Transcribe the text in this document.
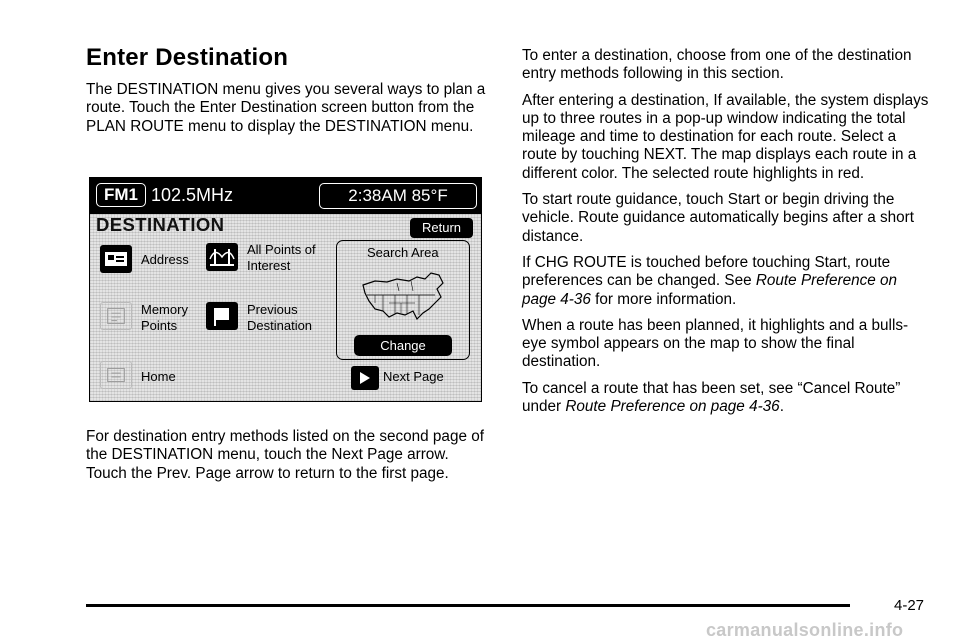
Enter Destination

The DESTINATION menu gives you several ways to plan a route. Touch the Enter Destination screen button from the PLAN ROUTE menu to display the DESTINATION menu.

FM1 102.5MHz	2:38AM 85°F
DESTINATION	Return
Address
All Points of
Interest
Memory
Points
Previous
Destination
Home
Search Area
Change
Next Page
For destination entry methods listed on the second page of the DESTINATION menu, touch the Next Page arrow. Touch the Prev. Page arrow to return to the first page.

To enter a destination, choose from one of the destination entry methods following in this section.

After entering a destination, If available, the system displays up to three routes in a pop-up window indicating the total mileage and time to destination for each route. Select a route by touching NEXT. The map displays each route in a different color. The selected route highlights in red.

To start route guidance, touch Start or begin driving the vehicle. Route guidance automatically begins after a short distance.

If CHG ROUTE is touched before touching Start, route preferences can be changed. See Route Preference on page 4-36 for more information.

When a route has been planned, it highlights and a bulls-eye symbol appears on the map to show the final destination.

To cancel a route that has been set, see “Cancel Route” under Route Preference on page 4-36.

4-27
carmanualsonline.info
